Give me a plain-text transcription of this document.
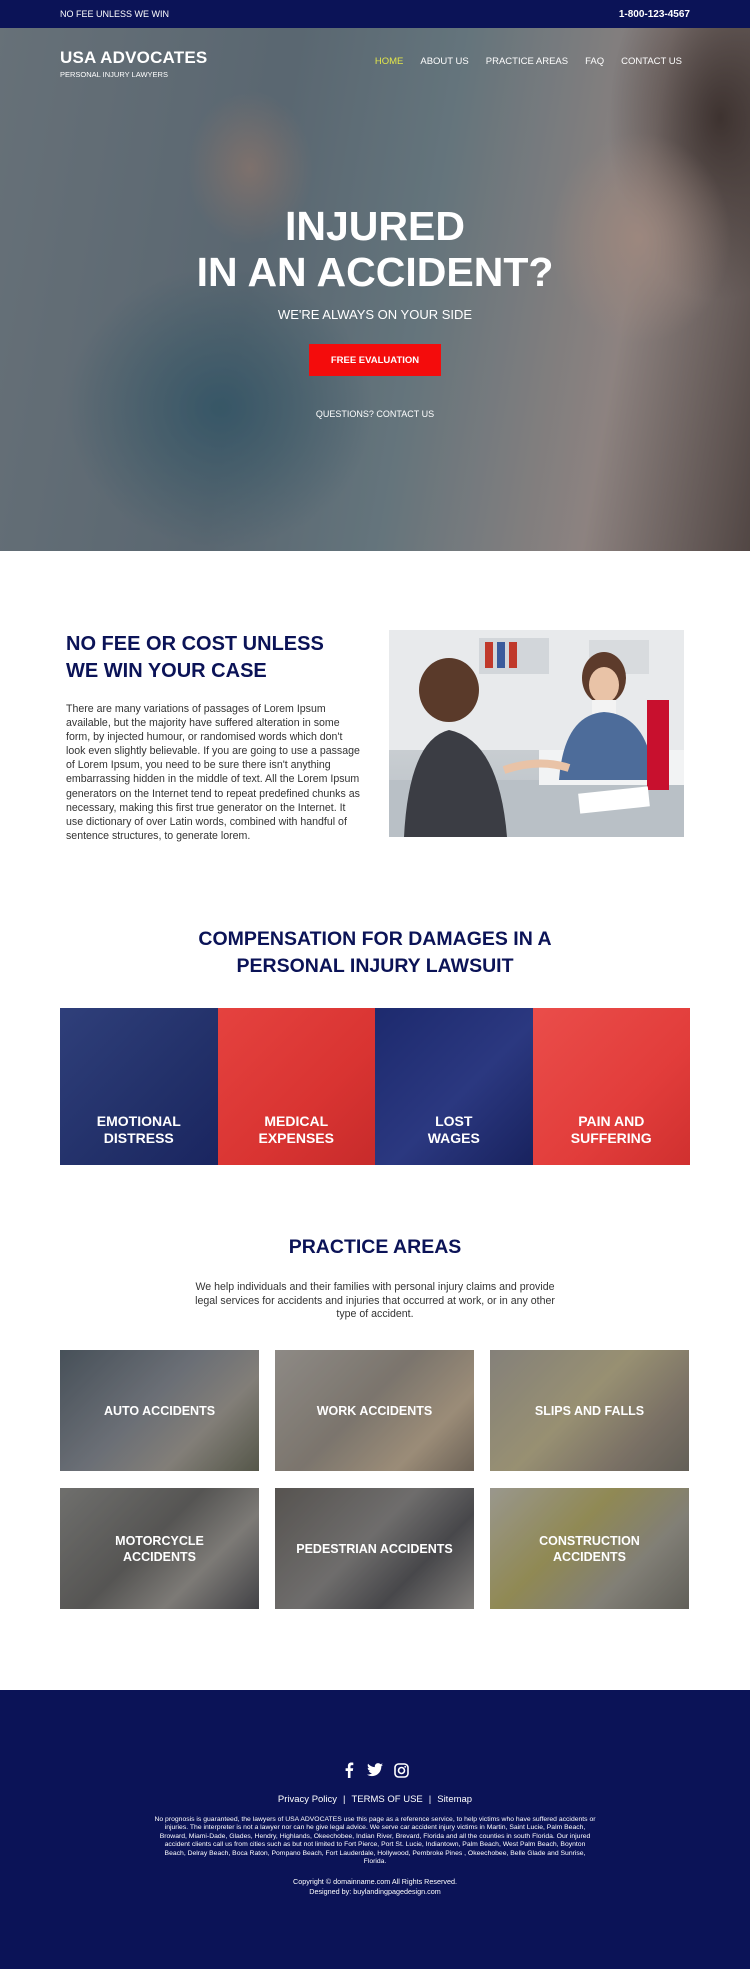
NO FEE UNLESS WE WIN	1-800-123-4567
USA ADVOCATES
PERSONAL INJURY LAWYERS
HOME ABOUT US PRACTICE AREAS FAQ CONTACT US
INJURED
IN AN ACCIDENT?
WE'RE ALWAYS ON YOUR SIDE
FREE EVALUATION
QUESTIONS? CONTACT US
NO FEE OR COST UNLESS
WE WIN YOUR CASE

There are many variations of passages of Lorem Ipsum available, but the majority have suffered alteration in some form, by injected humour, or randomised words which don't look even slightly believable. If you are going to use a passage of Lorem Ipsum, you need to be sure there isn't anything embarrassing hidden in the middle of text. All the Lorem Ipsum generators on the Internet tend to repeat predefined chunks as necessary, making this first true generator on the Internet. It use dictionary of over Latin words, combined with handful of sentence structures, to generate lorem.

COMPENSATION FOR DAMAGES IN A
PERSONAL INJURY LAWSUIT
EMOTIONAL
DISTRESS
MEDICAL
EXPENSES
LOST
WAGES
PAIN AND
SUFFERING
PRACTICE AREAS

We help individuals and their families with personal injury claims and provide legal services for accidents and injuries that occurred at work, or in any other type of accident.

AUTO ACCIDENTS	WORK ACCIDENTS	SLIPS AND FALLS
MOTORCYCLE
ACCIDENTS
PEDESTRIAN ACCIDENTS
CONSTRUCTION
ACCIDENTS
Privacy Policy | TERMS OF USE | Sitemap

No prognosis is guaranteed, the lawyers of USA ADVOCATES use this page as a reference service, to help victims who have suffered accidents or injuries. The interpreter is not a lawyer nor can he give legal advice. We serve car accident injury victims in Martin, Saint Lucie, Palm Beach, Broward, Miami-Dade, Glades, Hendry, Highlands, Okeechobee, Indian River, Brevard, Florida and all the counties in south Florida. Our injured accident clients call us from cities such as but not limited to Fort Pierce, Port St. Lucie, Indiantown, Palm Beach, West Palm Beach, Boynton Beach, Delray Beach, Boca Raton, Pompano Beach, Fort Lauderdale, Hollywood, Pembroke Pines , Okeechobee, Belle Glade and Sunrise, Florida.

Copyright © domainname.com All Rights Reserved.
Designed by: buylandingpagedesign.com
